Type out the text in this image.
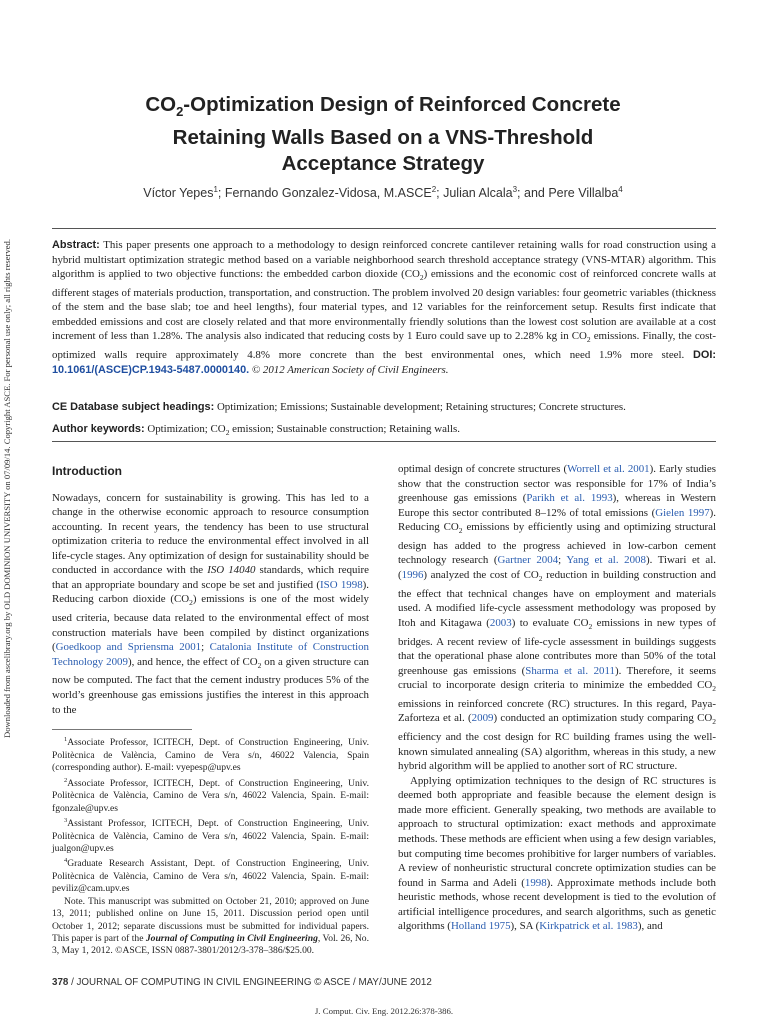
Downloaded from ascelibrary.org by OLD DOMINION UNIVERSITY on 07/09/14. Copyright ASCE. For personal use only; all rights reserved.
$CO_2$-Optimization Design of Reinforced Concrete
Retaining Walls Based on a VNS-Threshold
Acceptance Strategy
Víctor Yepes$^1$; Fernando Gonzalez-Vidosa, M.ASCE$^2$; Julian Alcala$^3$; and Pere Villalba$^4$
Abstract: This paper presents one approach to a methodology to design reinforced concrete cantilever retaining walls for road construction using a hybrid multistart optimization strategic method based on a variable neighborhood search threshold acceptance strategy (VNS-MTAR) algorithm. This algorithm is applied to two objective functions: the embedded carbon dioxide $(CO_2)$ emissions and the economic cost of reinforced concrete walls at different stages of materials production, transportation, and construction. The problem involved 20 design variables: four geometric variables (thickness of the stem and the base slab; toe and heel lengths), four material types, and 12 variables for the reinforcement setup. Results first indicate that embedded emissions and cost are closely related and that more environmentally friendly solutions than the lowest cost solution are available at a cost increment of less than 1.28%. The analysis also indicated that reducing costs by 1 Euro could save up to 2.28% kg in $CO_2$ emissions. Finally, the cost-optimized walls require approximately 4.8% more concrete than the best environmental ones, which need 1.9% more steel. DOI: 10.1061/(ASCE)CP.1943-5487.0000140. © 2012 American Society of Civil Engineers.
CE Database subject headings: Optimization; Emissions; Sustainable development; Retaining structures; Concrete structures.
Author keywords: Optimization; $CO_2$ emission; Sustainable construction; Retaining walls.
Introduction

Nowadays, concern for sustainability is growing. This has led to a change in the otherwise economic approach to resource consumption accounting. In recent years, the tendency has been to use structural optimization criteria to reduce the environmental effect involved in all life-cycle stages. Any optimization of design for sustainability should be conducted in accordance with the ISO 14040 standards, which require that an appropriate boundary and scope be set and justified (ISO 1998). Reducing carbon dioxide $(CO_2)$ emissions is one of the most widely used criteria, because data related to the environmental effect of most construction materials have been compiled by distinct organizations (Goedkoop and Spriensma 2001; Catalonia Institute of Construction Technology 2009), and hence, the effect of $CO_2$ on a given structure can now be computed. The fact that the cement industry produces 5% of the world’s greenhouse gas emissions justifies the interest in this approach to the

$^1$Associate Professor, ICITECH, Dept. of Construction Engineering, Univ. Politècnica de València, Camino de Vera s/n, 46022 Valencia, Spain (corresponding author). E-mail: vyepesp@upv.es

$^2$Associate Professor, ICITECH, Dept. of Construction Engineering, Univ. Politècnica de València, Camino de Vera s/n, 46022 Valencia, Spain. E-mail: fgonzale@upv.es

$^3$Assistant Professor, ICITECH, Dept. of Construction Engineering, Univ. Politècnica de València, Camino de Vera s/n, 46022 Valencia, Spain. E-mail: jualgon@upv.es

$^4$Graduate Research Assistant, Dept. of Construction Engineering, Univ. Politècnica de València, Camino de Vera s/n, 46022 Valencia, Spain. E-mail: peviliz@cam.upv.es

Note. This manuscript was submitted on October 21, 2010; approved on June 13, 2011; published online on June 15, 2011. Discussion period open until October 1, 2012; separate discussions must be submitted for individual papers. This paper is part of the Journal of Computing in Civil Engineering, Vol. 26, No. 3, May 1, 2012. ©ASCE, ISSN 0887-3801/2012/3-378–386/$25.00.

optimal design of concrete structures (Worrell et al. 2001). Early studies show that the construction sector was responsible for 17% of India’s greenhouse gas emissions (Parikh et al. 1993), whereas in Western Europe this sector contributed 8–12% of total emissions (Gielen 1997). Reducing $CO_2$ emissions by efficiently using and optimizing structural design has added to the progress achieved in low-carbon cement technology research (Gartner 2004; Yang et al. 2008). Tiwari et al. (1996) analyzed the cost of $CO_2$ reduction in building construction and the effect that technical changes have on employment and materials used. A modified life-cycle assessment methodology was proposed by Itoh and Kitagawa (2003) to evaluate $CO_2$ emissions in new types of bridges. A recent review of life-cycle assessment in buildings suggests that the operational phase alone contributes more than 50% of the total greenhouse gas emissions (Sharma et al. 2011). Therefore, it seems crucial to incorporate design criteria to minimize the embedded $CO_2$ emissions in reinforced concrete (RC) structures. In this regard, Paya-Zaforteza et al. (2009) conducted an optimization study comparing $CO_2$ efficiency and the cost design for RC building frames using the well-known simulated annealing (SA) algorithm, whereas in this study, a new hybrid algorithm will be applied to another sort of RC structure.

Applying optimization techniques to the design of RC structures is deemed both appropriate and feasible because the element design is made more efficient. Generally speaking, two methods are available to approach to structural optimization: exact methods and approximate methods. These methods are efficient when using a few design variables, but computing time becomes prohibitive for larger numbers of variables. A review of nonheuristic structural concrete optimization studies can be found in Sarma and Adeli (1998). Approximate methods include both heuristic methods, whose recent development is tied to the evolution of artificial intelligence procedures, and search algorithms, such as genetic algorithms (Holland 1975), SA (Kirkpatrick et al. 1983), and

378 / JOURNAL OF COMPUTING IN CIVIL ENGINEERING © ASCE / MAY/JUNE 2012
J. Comput. Civ. Eng. 2012.26:378-386.
